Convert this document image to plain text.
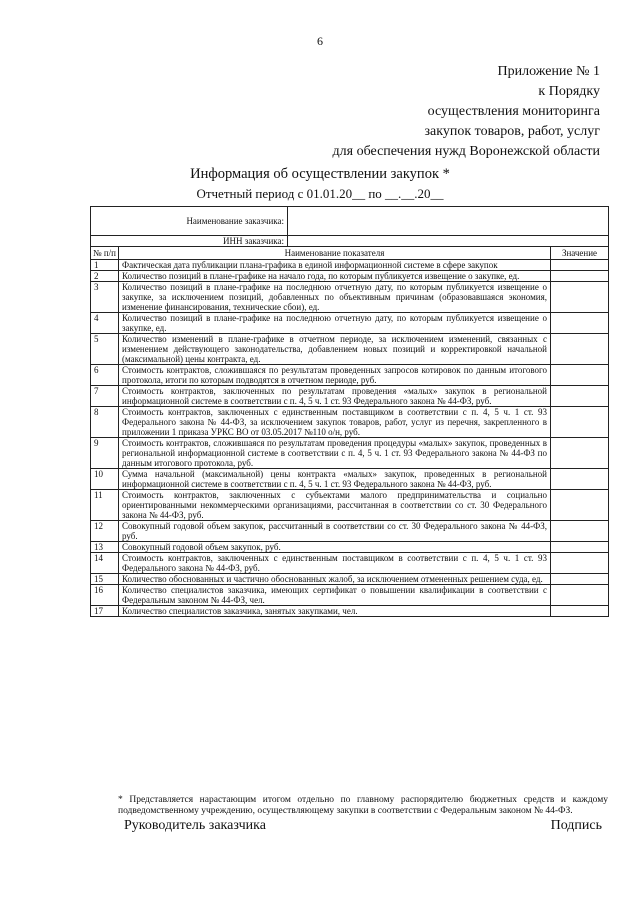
6
Приложение № 1
к Порядку
осуществления мониторинга
закупок товаров, работ, услуг
для обеспечения нужд Воронежской области
Информация об осуществлении закупок *
Отчетный период с 01.01.20__ по __.__.20__
Наименование заказчика:			
ИНН заказчика:			
№ п/п	Наименование показателя		Значение
1	Фактическая дата публикации плана-графика в единой информационной системе в сфере закупок		
2	Количество позиций в плане-графике на начало года, по которым публикуется извещение о закупке, ед.		
3	Количество позиций в плане-графике на последнюю отчетную дату, по которым публикуется извещение о закупке, за исключением позиций, добавленных по объективным причинам (образовавшаяся экономия, изменение финансирования, технические сбои), ед.		
4	Количество позиций в плане-графике на последнюю отчетную дату, по которым публикуется извещение о закупке, ед.		
5	Количество изменений в плане-графике в отчетном периоде, за исключением изменений, связанных с изменением действующего законодательства, добавлением новых позиций и корректировкой начальной (максимальной) цены контракта, ед.		
6	Стоимость контрактов, сложившаяся по результатам проведенных запросов котировок по данным итогового протокола, итоги по которым подводятся в отчетном периоде, руб.		
7	Стоимость контрактов, заключенных по результатам проведения «малых» закупок в региональной информационной системе в соответствии с п. 4, 5 ч. 1 ст. 93 Федерального закона № 44-ФЗ, руб.		
8	Стоимость контрактов, заключенных с единственным поставщиком в соответствии с п. 4, 5 ч. 1 ст. 93 Федерального закона № 44-ФЗ, за исключением закупок товаров, работ, услуг из перечня, закрепленного в приложении 1 приказа УРКС ВО от 03.05.2017 №110 о/н, руб.		
9	Стоимость контрактов, сложившаяся по результатам проведения процедуры «малых» закупок, проведенных в региональной информационной системе в соответствии с п. 4, 5 ч. 1 ст. 93 Федерального закона № 44-ФЗ по данным итогового протокола, руб.		
10	Сумма начальной (максимальной) цены контракта «малых» закупок, проведенных в региональной информационной системе в соответствии с п. 4, 5 ч. 1 ст. 93 Федерального закона № 44-ФЗ, руб.		
11	Стоимость контрактов, заключенных с субъектами малого предпринимательства и социально ориентированными некоммерческими организациями, рассчитанная в соответствии со ст. 30 Федерального закона № 44-ФЗ, руб.		
12	Совокупный годовой объем закупок, рассчитанный в соответствии со ст. 30 Федерального закона № 44-ФЗ, руб.		
13	Совокупный годовой объем закупок, руб.		
14	Стоимость контрактов, заключенных с единственным поставщиком в соответствии с п. 4, 5 ч. 1 ст. 93 Федерального закона № 44-ФЗ, руб.		
15	Количество обоснованных и частично обоснованных жалоб, за исключением отмененных решением суда, ед.		
16	Количество специалистов заказчика, имеющих сертификат о повышении квалификации в соответствии с Федеральным законом № 44-ФЗ, чел.		
17	Количество специалистов заказчика, занятых закупками, чел.		
* Представляется нарастающим итогом отдельно по главному распорядителю бюджетных средств и каждому подведомственному учреждению, осуществляющему закупки в соответствии с Федеральным законом № 44-ФЗ.
Руководитель заказчика	Подпись
